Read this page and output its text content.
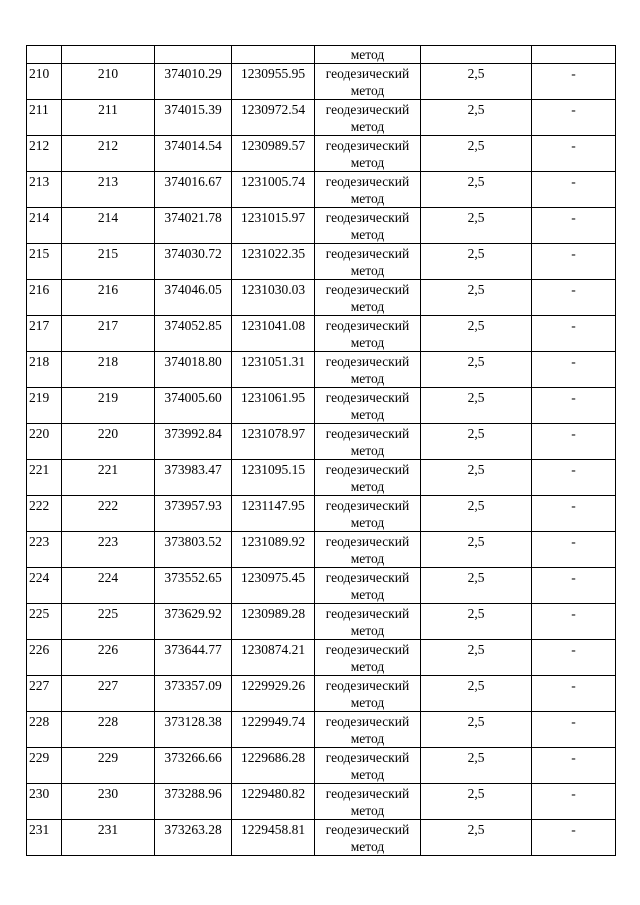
				метод		

210	210	374010.29	1230955.95	геодезический
метод	2,5	-

211	211	374015.39	1230972.54	геодезический
метод	2,5	-

212	212	374014.54	1230989.57	геодезический
метод	2,5	-

213	213	374016.67	1231005.74	геодезический
метод	2,5	-

214	214	374021.78	1231015.97	геодезический
метод	2,5	-

215	215	374030.72	1231022.35	геодезический
метод	2,5	-

216	216	374046.05	1231030.03	геодезический
метод	2,5	-

217	217	374052.85	1231041.08	геодезический
метод	2,5	-

218	218	374018.80	1231051.31	геодезический
метод	2,5	-

219	219	374005.60	1231061.95	геодезический
метод	2,5	-

220	220	373992.84	1231078.97	геодезический
метод	2,5	-

221	221	373983.47	1231095.15	геодезический
метод	2,5	-

222	222	373957.93	1231147.95	геодезический
метод	2,5	-

223	223	373803.52	1231089.92	геодезический
метод	2,5	-

224	224	373552.65	1230975.45	геодезический
метод	2,5	-

225	225	373629.92	1230989.28	геодезический
метод	2,5	-

226	226	373644.77	1230874.21	геодезический
метод	2,5	-

227	227	373357.09	1229929.26	геодезический
метод	2,5	-

228	228	373128.38	1229949.74	геодезический
метод	2,5	-

229	229	373266.66	1229686.28	геодезический
метод	2,5	-

230	230	373288.96	1229480.82	геодезический
метод	2,5	-

231	231	373263.28	1229458.81	геодезический
метод	2,5	-
